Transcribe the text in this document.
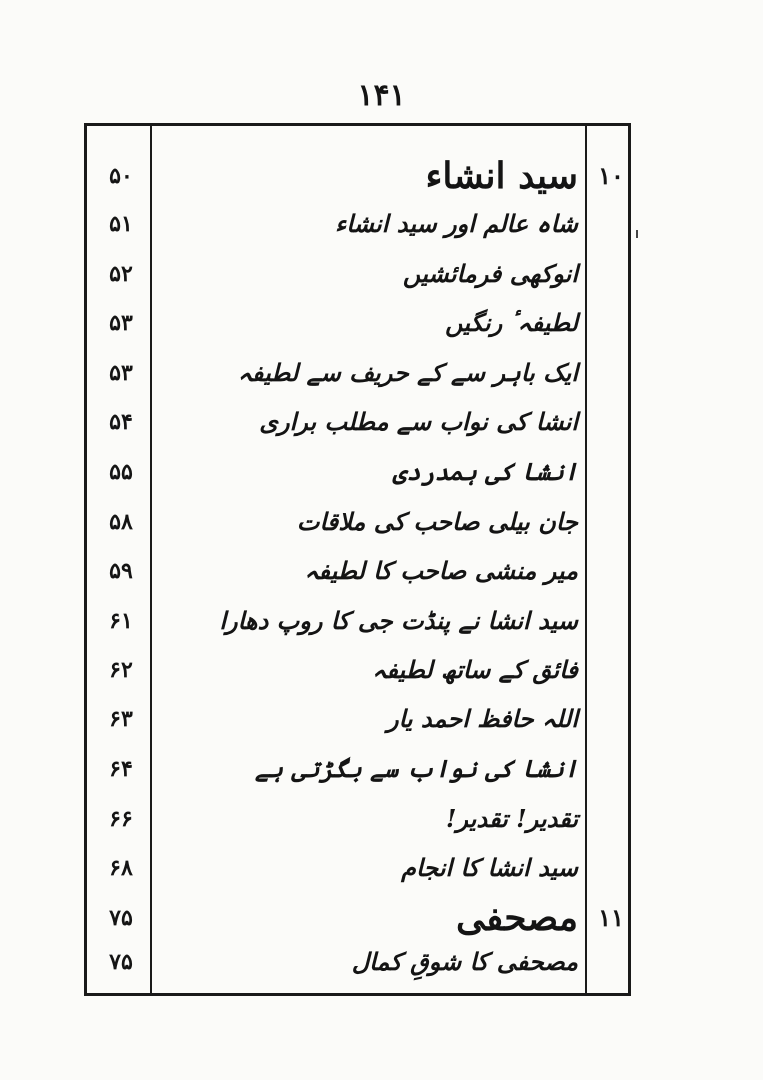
۱۴۱
۵۰	سید انشاء ۱۰
۵۱	شاہ عالم اور سید انشاء
۵۲	انوکھی فرمائشیں
۵۳	لطیفہٴ رنگیں
۵۳	ایک باہر سے کے حریف سے لطیفہ
۵۴	انشا کی نواب سے مطلب براری
۵۵	انشا کی ہمدردی
۵۸	جان بیلی صاحب کی ملاقات
۵۹	میر منشی صاحب کا لطیفہ
۶۱	سید انشا نے پنڈت جی کا روپ دھارا
۶۲	فائق کے ساتھ لطیفہ
۶۳	اللہ حافظ احمد یار
۶۴	انشا کی نواب سے بگڑتی ہے
۶۶	تقدیر! تقدیر!
۶۸	سید انشا کا انجام
۷۵	مصحفی ۱۱
۷۵	مصحفی کا شوقِ کمال
